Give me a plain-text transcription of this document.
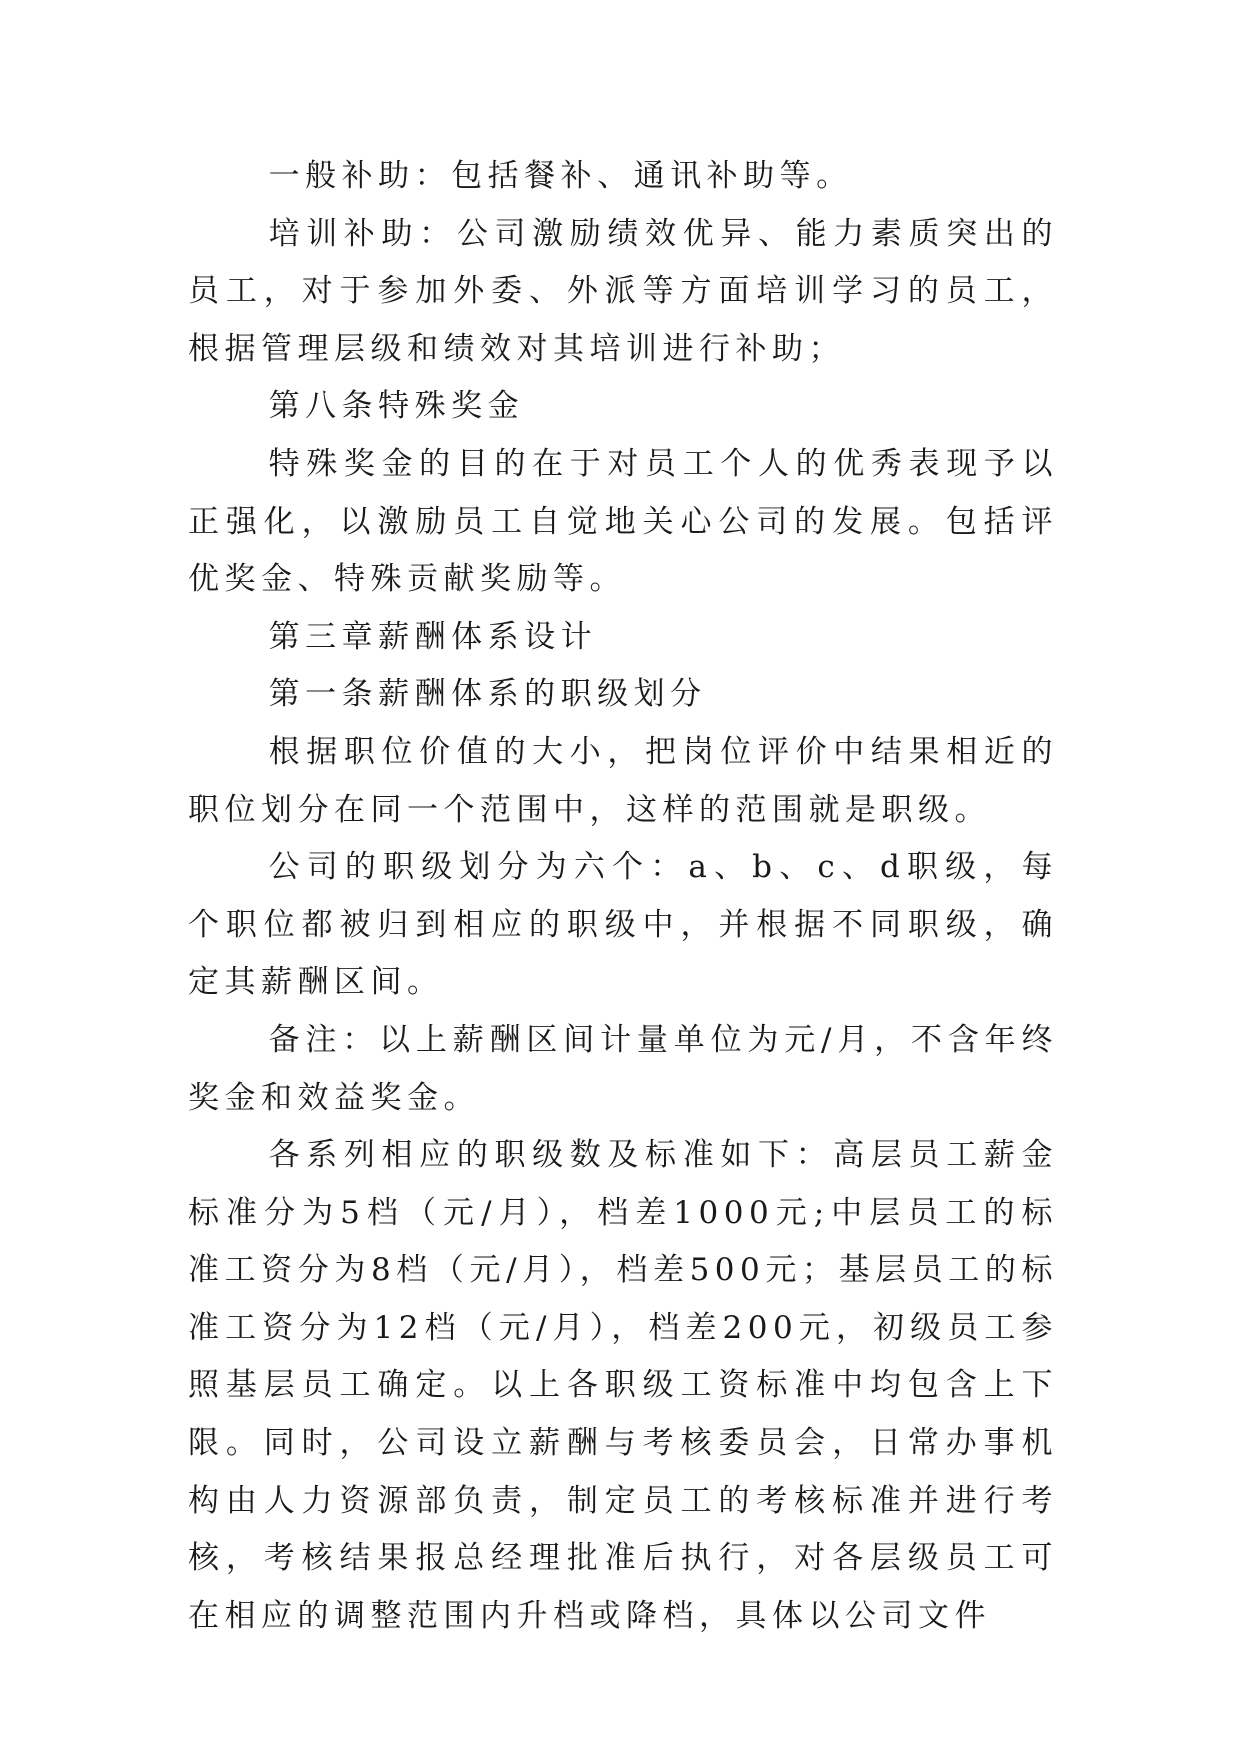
一般补助：包括餐补、通讯补助等。

培训补助：公司激励绩效优异、能力素质突出的员工，对于参加外委、外派等方面培训学习的员工，根据管理层级和绩效对其培训进行补助；

第八条特殊奖金

特殊奖金的目的在于对员工个人的优秀表现予以正强化，以激励员工自觉地关心公司的发展。包括评优奖金、特殊贡献奖励等。

第三章薪酬体系设计

第一条薪酬体系的职级划分

根据职位价值的大小，把岗位评价中结果相近的职位划分在同一个范围中，这样的范围就是职级。

公司的职级划分为六个：a、b、c、d职级，每个职位都被归到相应的职级中，并根据不同职级，确定其薪酬区间。

备注：以上薪酬区间计量单位为元/月，不含年终奖金和效益奖金。

各系列相应的职级数及标准如下：高层员工薪金标准分为5档（元/月），档差1000元;中层员工的标准工资分为8档（元/月），档差500元；基层员工的标准工资分为12档（元/月），档差200元，初级员工参照基层员工确定。以上各职级工资标准中均包含上下限。同时，公司设立薪酬与考核委员会，日常办事机构由人力资源部负责，制定员工的考核标准并进行考核，考核结果报总经理批准后执行，对各层级员工可在相应的调整范围内升档或降档，具体以公司文件
